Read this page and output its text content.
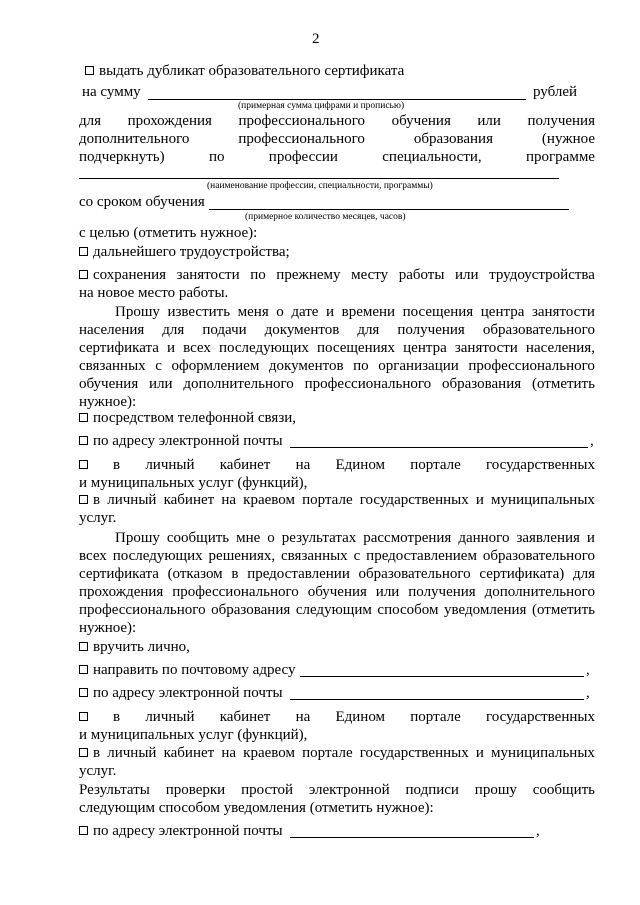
2
выдать дубликат образовательного сертификата
на сумму	рублей
(примерная сумма цифрами и прописью)
для прохождения профессионального обучения или получения
дополнительного	профессионального	образования	(нужное
подчеркнуть)	по	профессии	специальности,	программе
(наименование профессии, специальности, программы)
со сроком обучения
(примерное количество месяцев, часов)
с целью (отметить нужное):
дальнейшего трудоустройства;
сохранения занятости по прежнему месту работы или трудоустройства
на новое место работы.
Прошу известить меня о дате и времени посещения центра занятости
населения для подачи документов для получения образовательного
сертификата и всех последующих посещениях центра занятости населения,
связанных с оформлением документов по организации профессионального
обучения или дополнительного профессионального образования (отметить
нужное):
посредством телефонной связи,
по адресу электронной почты	,
в личный кабинет на Едином портале государственных
и муниципальных услуг (функций),
в личный кабинет на краевом портале государственных и муниципальных
услуг.
Прошу сообщить мне о результатах рассмотрения данного заявления и
всех последующих решениях, связанных с предоставлением образовательного
сертификата (отказом в предоставлении образовательного сертификата) для
прохождения профессионального обучения или получения дополнительного
профессионального образования следующим способом уведомления (отметить
нужное):
вручить лично,
направить по почтовому адресу	,
по адресу электронной почты	,
в личный кабинет на Едином портале государственных
и муниципальных услуг (функций),
в личный кабинет на краевом портале государственных и муниципальных
услуг.
Результаты проверки простой электронной подписи прошу сообщить
следующим способом уведомления (отметить нужное):
по адресу электронной почты	,
